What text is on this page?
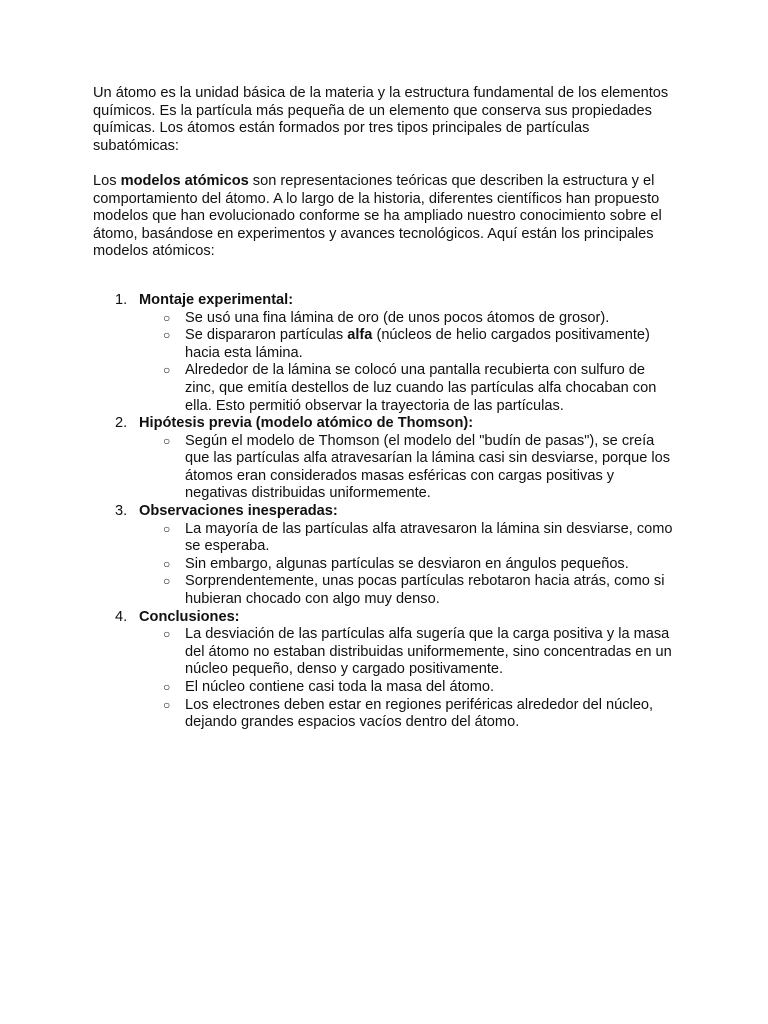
Un átomo es la unidad básica de la materia y la estructura fundamental de los elementos químicos. Es la partícula más pequeña de un elemento que conserva sus propiedades químicas. Los átomos están formados por tres tipos principales de partículas subatómicas:

Los modelos atómicos son representaciones teóricas que describen la estructura y el comportamiento del átomo. A lo largo de la historia, diferentes científicos han propuesto modelos que han evolucionado conforme se ha ampliado nuestro conocimiento sobre el átomo, basándose en experimentos y avances tecnológicos. Aquí están los principales modelos atómicos:

1. Montaje experimental:
○ Se usó una fina lámina de oro (de unos pocos átomos de grosor).
○ Se dispararon partículas alfa (núcleos de helio cargados positivamente) hacia esta lámina.
○ Alrededor de la lámina se colocó una pantalla recubierta con sulfuro de zinc, que emitía destellos de luz cuando las partículas alfa chocaban con ella. Esto permitió observar la trayectoria de las partículas.
2. Hipótesis previa (modelo atómico de Thomson):
○ Según el modelo de Thomson (el modelo del "budín de pasas"), se creía que las partículas alfa atravesarían la lámina casi sin desviarse, porque los átomos eran considerados masas esféricas con cargas positivas y negativas distribuidas uniformemente.
3. Observaciones inesperadas:
○ La mayoría de las partículas alfa atravesaron la lámina sin desviarse, como se esperaba.
○ Sin embargo, algunas partículas se desviaron en ángulos pequeños.
○ Sorprendentemente, unas pocas partículas rebotaron hacia atrás, como si hubieran chocado con algo muy denso.
4. Conclusiones:
○ La desviación de las partículas alfa sugería que la carga positiva y la masa del átomo no estaban distribuidas uniformemente, sino concentradas en un núcleo pequeño, denso y cargado positivamente.
○ El núcleo contiene casi toda la masa del átomo.
○ Los electrones deben estar en regiones periféricas alrededor del núcleo, dejando grandes espacios vacíos dentro del átomo.
